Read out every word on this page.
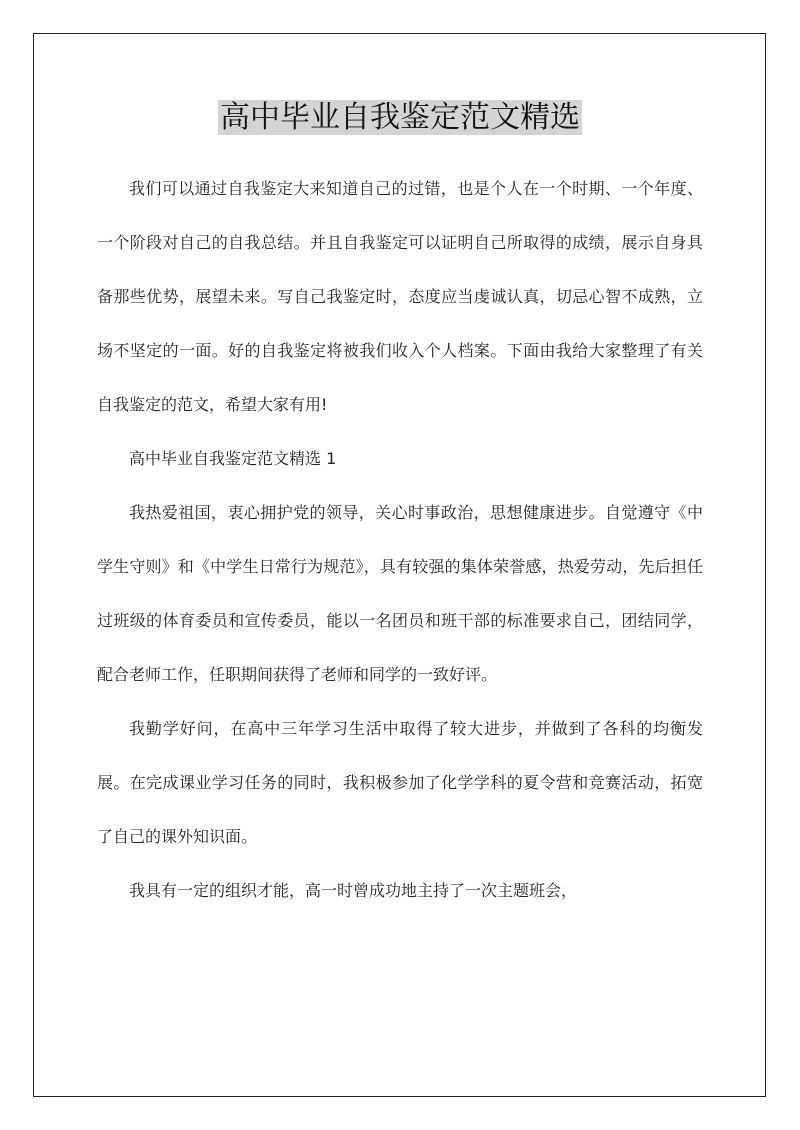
高中毕业自我鉴定范文精选

我们可以通过自我鉴定大来知道自己的过错，也是个人在一个时期、一个年度、一个阶段对自己的自我总结。并且自我鉴定可以证明自己所取得的成绩，展示自身具备那些优势，展望未来。写自己我鉴定时，态度应当虔诚认真，切忌心智不成熟，立场不坚定的一面。好的自我鉴定将被我们收入个人档案。下面由我给大家整理了有关自我鉴定的范文，希望大家有用!

高中毕业自我鉴定范文精选 1

我热爱祖国，衷心拥护党的领导，关心时事政治，思想健康进步。自觉遵守《中学生守则》和《中学生日常行为规范》，具有较强的集体荣誉感，热爱劳动，先后担任过班级的体育委员和宣传委员，能以一名团员和班干部的标准要求自己，团结同学，配合老师工作，任职期间获得了老师和同学的一致好评。

我勤学好问，在高中三年学习生活中取得了较大进步，并做到了各科的均衡发展。在完成课业学习任务的同时，我积极参加了化学学科的夏令营和竞赛活动，拓宽了自己的课外知识面。

我具有一定的组织才能，高一时曾成功地主持了一次主题班会，
